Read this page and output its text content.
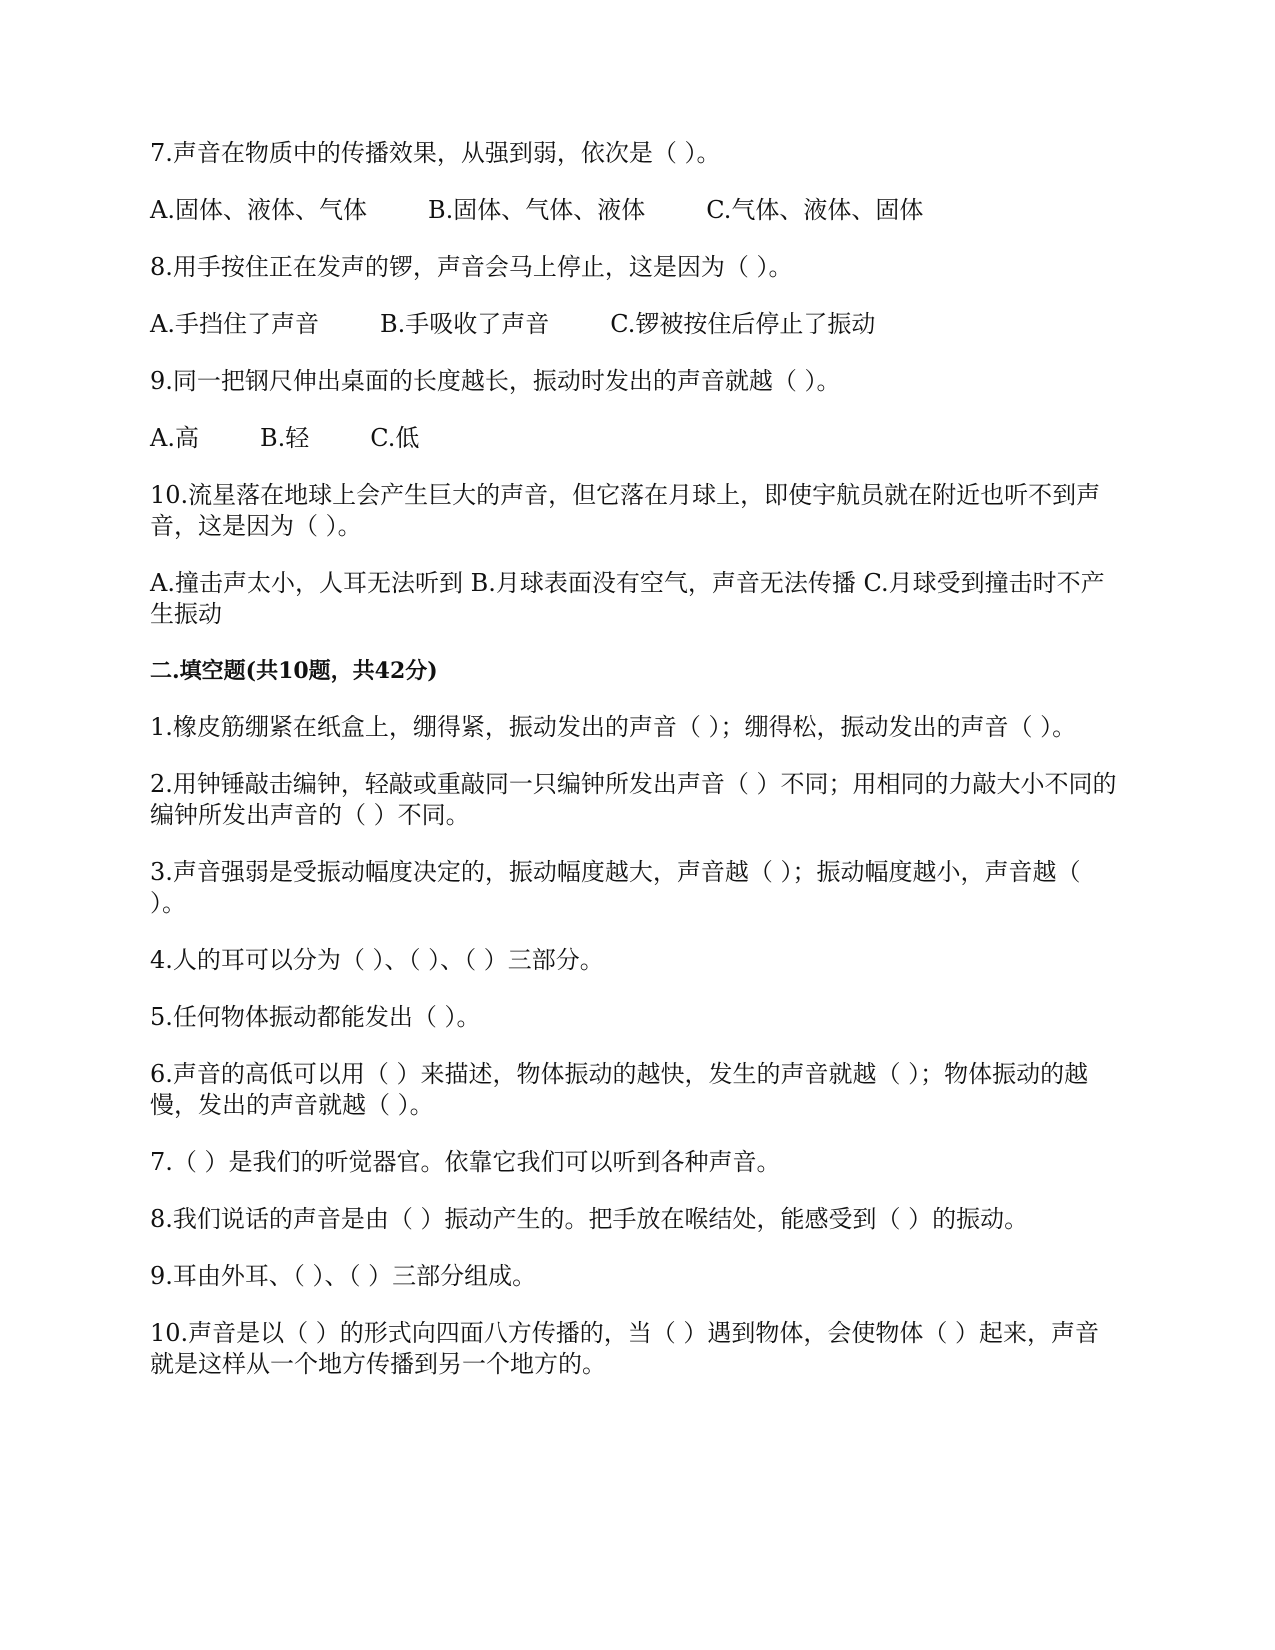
7.声音在物质中的传播效果，从强到弱，依次是（ ）。
A.固体、液体、气体        B.固体、气体、液体        C.气体、液体、固体
8.用手按住正在发声的锣，声音会马上停止，这是因为（ ）。
A.手挡住了声音        B.手吸收了声音        C.锣被按住后停止了振动
9.同一把钢尺伸出桌面的长度越长，振动时发出的声音就越（ ）。
A.高        B.轻        C.低
10.流星落在地球上会产生巨大的声音，但它落在月球上，即使宇航员就在附近也听不到声音，这是因为（ ）。
A.撞击声太小，人耳无法听到 B.月球表面没有空气，声音无法传播 C.月球受到撞击时不产生振动
二.填空题(共10题，共42分)
1.橡皮筋绷紧在纸盒上，绷得紧，振动发出的声音（ ）；绷得松，振动发出的声音（ ）。
2.用钟锤敲击编钟，轻敲或重敲同一只编钟所发出声音（ ）不同；用相同的力敲大小不同的编钟所发出声音的（ ）不同。
3.声音强弱是受振动幅度决定的，振动幅度越大，声音越（ ）；振动幅度越小，声音越（ ）。
4.人的耳可以分为（ ）、（ ）、（ ）三部分。
5.任何物体振动都能发出（ ）。
6.声音的高低可以用（ ）来描述，物体振动的越快，发生的声音就越（ ）；物体振动的越慢，发出的声音就越（ ）。
7.（ ）是我们的听觉器官。依靠它我们可以听到各种声音。
8.我们说话的声音是由（ ）振动产生的。把手放在喉结处，能感受到（ ）的振动。
9.耳由外耳、（ ）、（ ）三部分组成。
10.声音是以（ ）的形式向四面八方传播的，当（ ）遇到物体，会使物体（ ）起来，声音就是这样从一个地方传播到另一个地方的。
